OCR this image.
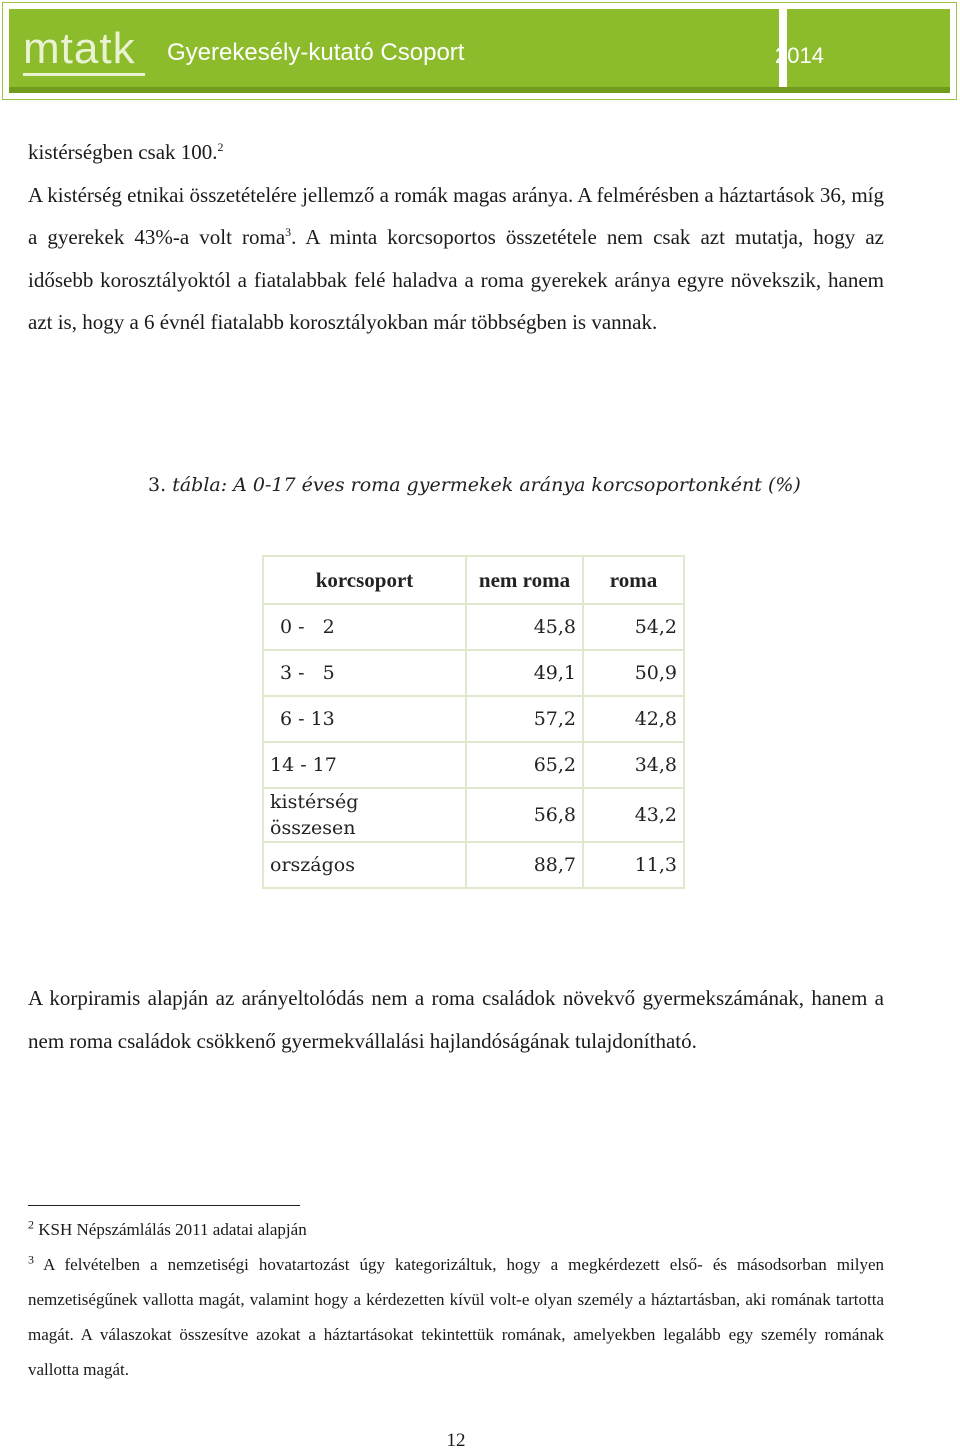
mtatk Gyerekesély-kutató Csoport	2014
kistérségben csak 100.$^2$
A kistérség etnikai összetételére jellemző a romák magas aránya. A felmérésben a háztartások 36, míg a gyerekek 43%-a volt roma$^3$. A minta korcsoportos összetétele nem csak azt mutatja, hogy az idősebb korosztályoktól a fiatalabbak felé haladva a roma gyerekek aránya egyre növekszik, hanem azt is, hogy a 6 évnél fiatalabb korosztályokban már többségben is vannak.
3. tábla: A 0-17 éves roma gyermekek aránya korcsoportonként (%)
korcsoport	nem roma	roma
0 -   2	45,8	54,2
3 -   5	49,1	50,9
6 - 13	57,2	42,8
14 - 17	65,2	34,8
kistérség összesen	56,8	43,2
országos	88,7	11,3
A korpiramis alapján az arányeltolódás nem a roma családok növekvő gyermekszámának, hanem a nem roma családok csökkenő gyermekvállalási hajlandóságának tulajdonítható.
$^2$ KSH Népszámlálás 2011 adatai alapján
$^3$ A felvételben a nemzetiségi hovatartozást úgy kategorizáltuk, hogy a megkérdezett első- és másodsorban milyen nemzetiségűnek vallotta magát, valamint hogy a kérdezetten kívül volt-e olyan személy a háztartásban, aki romának tartotta magát. A válaszokat összesítve azokat a háztartásokat tekintettük romának, amelyekben legalább egy személy romának vallotta magát.
12
